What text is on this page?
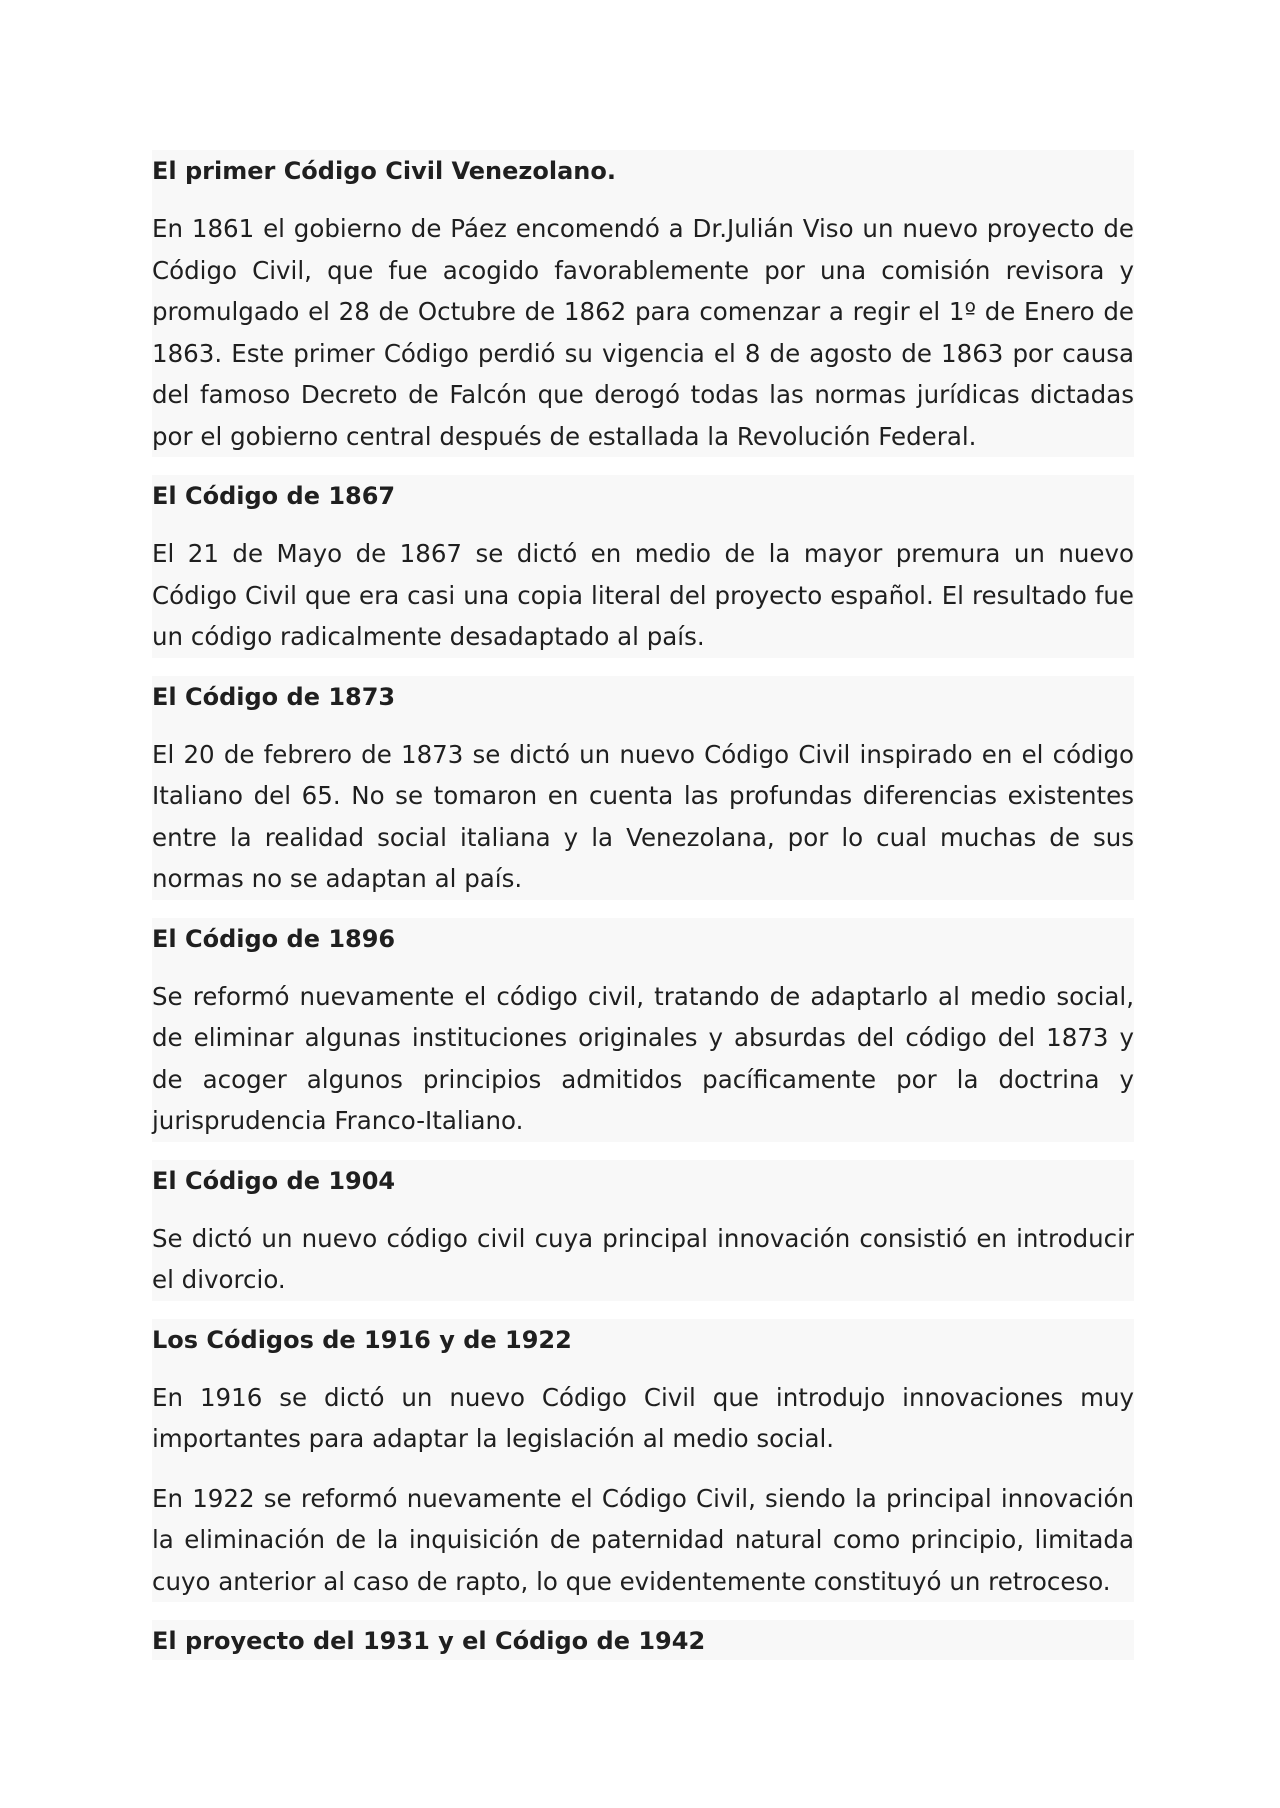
El primer Código Civil Venezolano.

En 1861 el gobierno de Páez encomendó a Dr.Julián Viso un nuevo proyecto de Código Civil, que fue acogido favorablemente por una comisión revisora y promulgado el 28 de Octubre de 1862 para comenzar a regir el 1º de Enero de 1863. Este primer Código perdió su vigencia el 8 de agosto de 1863 por causa del famoso Decreto de Falcón que derogó todas las normas jurídicas dictadas por el gobierno central después de estallada la Revolución Federal.

El Código de 1867

El 21 de Mayo de 1867 se dictó en medio de la mayor premura un nuevo Código Civil que era casi una copia literal del proyecto español. El resultado fue un código radicalmente desadaptado al país.

El Código de 1873

El 20 de febrero de 1873 se dictó un nuevo Código Civil inspirado en el código Italiano del 65. No se tomaron en cuenta las profundas diferencias existentes entre la realidad social italiana y la Venezolana, por lo cual muchas de sus normas no se adaptan al país.

El Código de 1896

Se reformó nuevamente el código civil, tratando de adaptarlo al medio social, de eliminar algunas instituciones originales y absurdas del código del 1873 y de acoger algunos principios admitidos pacíficamente por la doctrina y jurisprudencia Franco-Italiano.

El Código de 1904

Se dictó un nuevo código civil cuya principal innovación consistió en introducir el divorcio.

Los Códigos de 1916 y de 1922

En 1916 se dictó un nuevo Código Civil que introdujo innovaciones muy importantes para adaptar la legislación al medio social.

En 1922 se reformó nuevamente el Código Civil, siendo la principal innovación la eliminación de la inquisición de paternidad natural como principio, limitada cuyo anterior al caso de rapto, lo que evidentemente constituyó un retroceso.

El proyecto del 1931 y el Código de 1942
